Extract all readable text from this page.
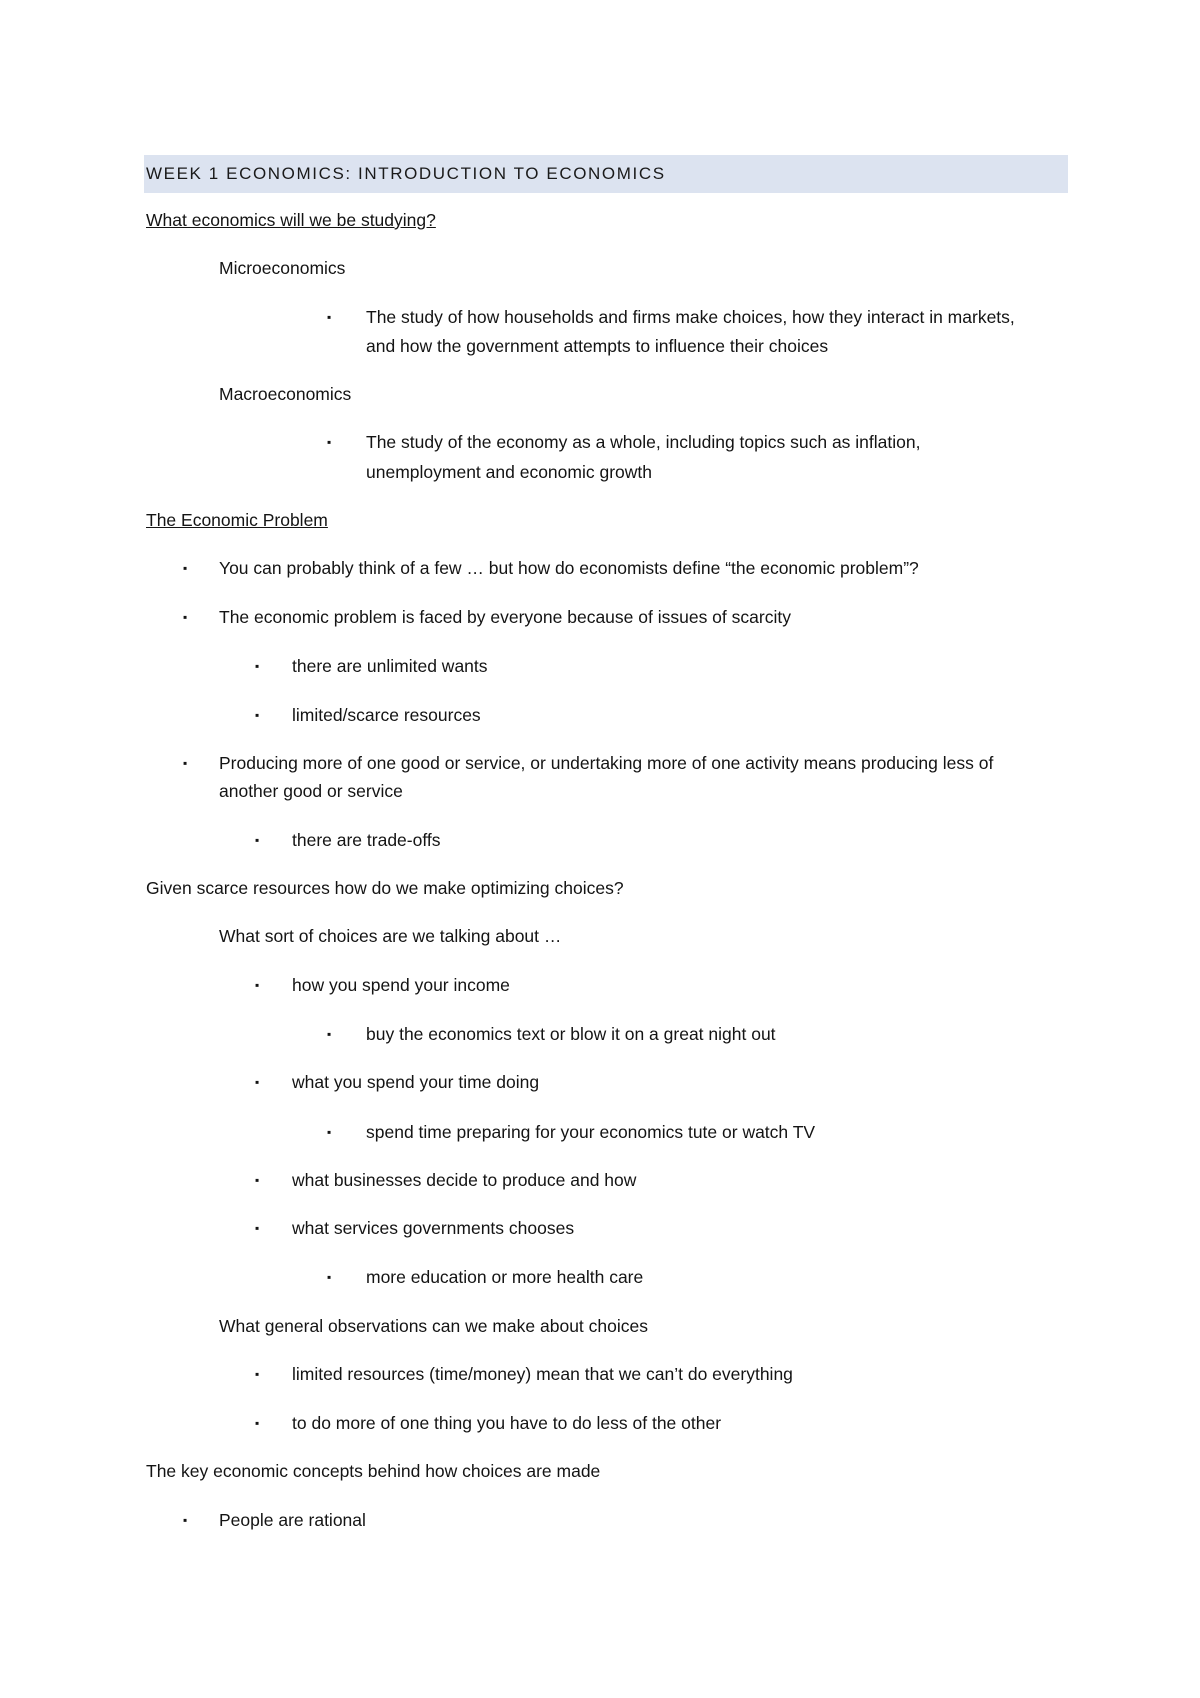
WEEK 1 ECONOMICS: INTRODUCTION TO ECONOMICS
What economics will we be studying?
Microeconomics
▪ The study of how households and firms make choices, how they interact in markets,
and how the government attempts to influence their choices
Macroeconomics
▪ The study of the economy as a whole, including topics such as inflation,
unemployment and economic growth
The Economic Problem
▪ You can probably think of a few … but how do economists define “the economic problem”?
▪ The economic problem is faced by everyone because of issues of scarcity
▪ there are unlimited wants
▪ limited/scarce resources
▪ Producing more of one good or service, or undertaking more of one activity means producing less of
another good or service
▪ there are trade-offs
Given scarce resources how do we make optimizing choices?
What sort of choices are we talking about …
▪ how you spend your income
▪ buy the economics text or blow it on a great night out
▪ what you spend your time doing
▪ spend time preparing for your economics tute or watch TV
▪ what businesses decide to produce and how
▪ what services governments chooses
▪ more education or more health care
What general observations can we make about choices
▪ limited resources (time/money) mean that we can’t do everything
▪ to do more of one thing you have to do less of the other
The key economic concepts behind how choices are made
▪ People are rational
